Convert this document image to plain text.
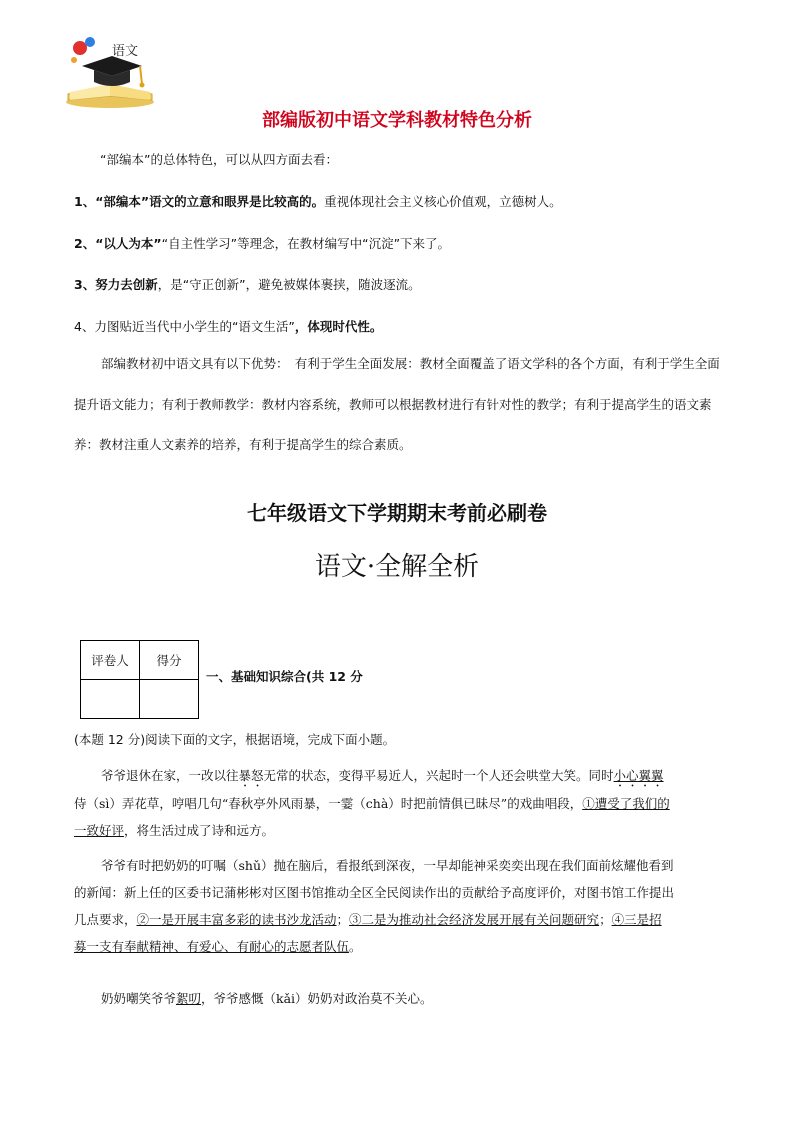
语文
部编版初中语文学科教材特色分析
“部编本”的总体特色，可以从四方面去看：
1、“部编本”语文的立意和眼界是比较高的。重视体现社会主义核心价值观，立德树人。
2、“以人为本”“自主性学习”等理念，在教材编写中“沉淀”下来了。
3、努力去创新，是“守正创新”，避免被媒体裹挟，随波逐流。
4、力图贴近当代中小学生的“语文生活”，体现时代性。
部编教材初中语文具有以下优势：　有利于学生全面发展：教材全面覆盖了语文学科的各个方面，有利于学生全面提升语文能力；有利于教师教学：教材内容系统，教师可以根据教材进行有针对性的教学；有利于提高学生的语文素养：教材注重人文素养的培养，有利于提高学生的综合素质。
七年级语文下学期期末考前必刷卷
语文·全解全析
评卷人	得分

一、基础知识综合(共 12 分
(本题 12 分)阅读下面的文字，根据语境，完成下面小题。
爷爷退休在家，一改以往暴怒无常的状态，变得平易近人，兴起时一个人还会哄堂大笑。同时小心翼翼侍（sì）弄花草，哼唱几句“春秋亭外风雨暴，一霎（chà）时把前情俱已昧尽”的戏曲唱段，①遭受了我们的一致好评，将生活过成了诗和远方。
爷爷有时把奶奶的叮嘱（shǔ）抛在脑后，看报纸到深夜，一早却能神采奕奕出现在我们面前炫耀他看到的新闻：新上任的区委书记蒲彬彬对区图书馆推动全区全民阅读作出的贡献给予高度评价，对图书馆工作提出几点要求，②一是开展丰富多彩的读书沙龙活动；③二是为推动社会经济发展开展有关问题研究；④三是招募一支有奉献精神、有爱心、有耐心的志愿者队伍。
奶奶嘲笑爷爷絮叨，爷爷感慨（kǎi）奶奶对政治莫不关心。
